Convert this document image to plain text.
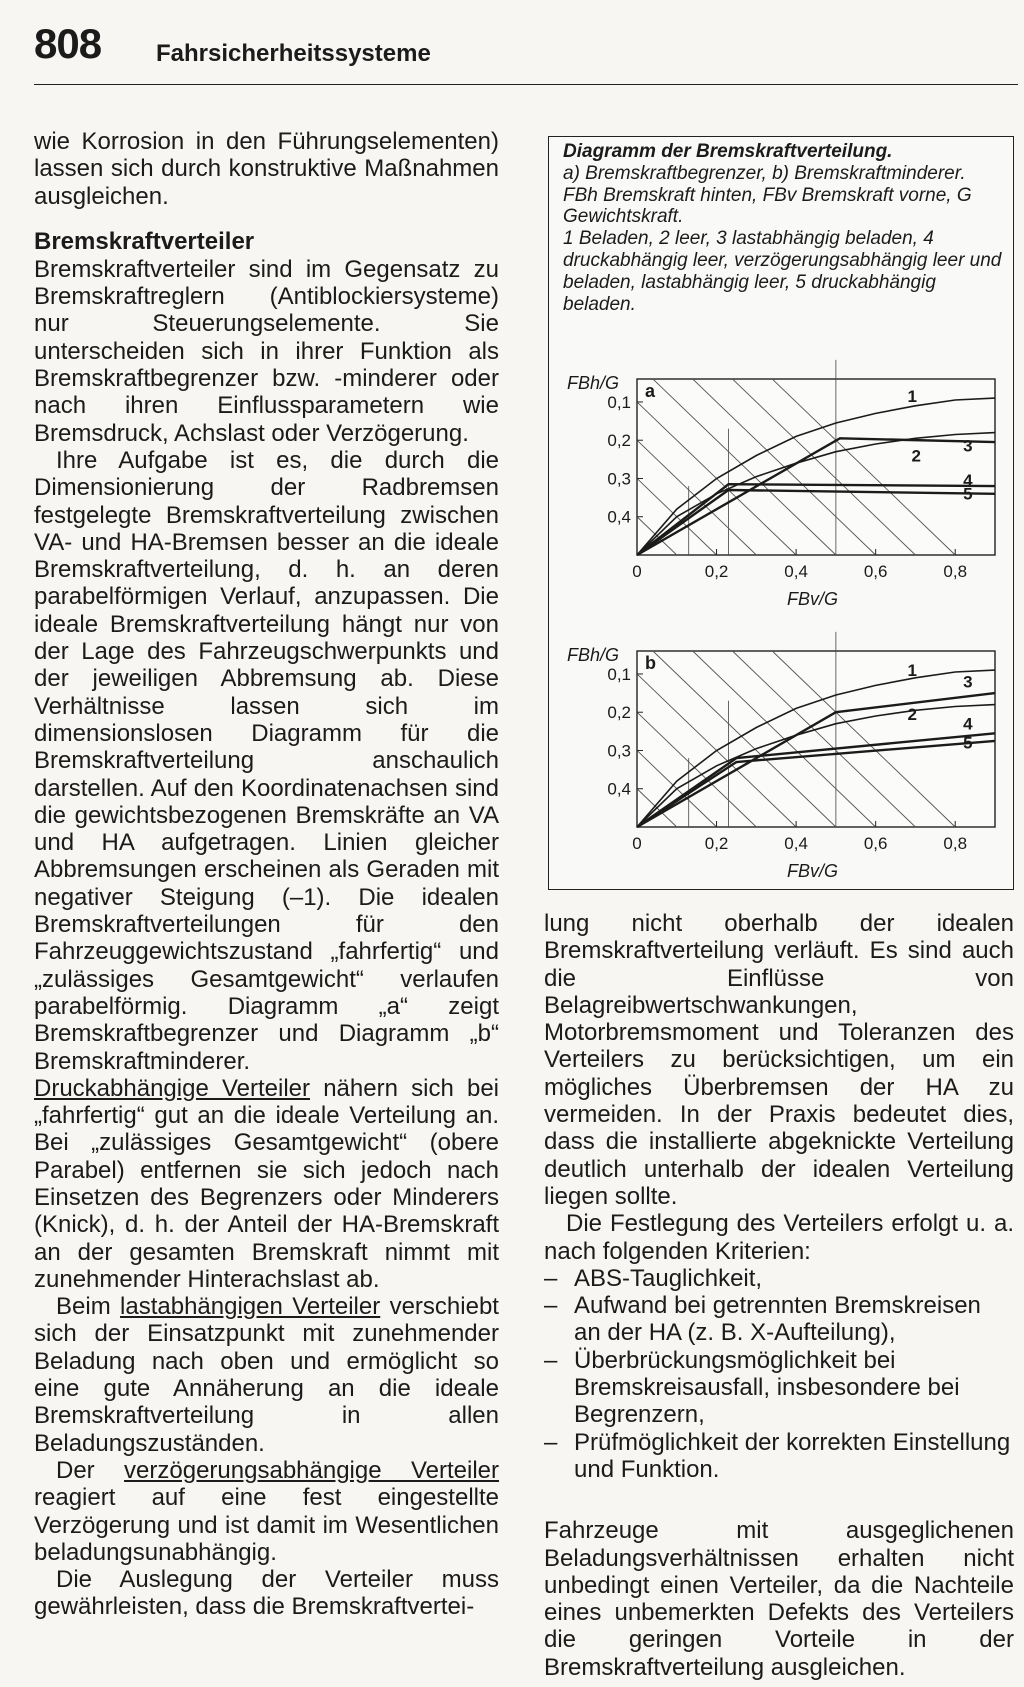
808 Fahrsicherheitssysteme

wie Korrosion in den Führungselementen) lassen sich durch konstruktive Maßnahmen ausgleichen.

Bremskraftverteiler

Bremskraftverteiler sind im Gegensatz zu Bremskraftreglern (Antiblockiersysteme) nur Steuerungselemente. Sie unterscheiden sich in ihrer Funktion als Bremskraftbegrenzer bzw. -minderer oder nach ihren Einflussparametern wie Bremsdruck, Achslast oder Verzögerung.

Ihre Aufgabe ist es, die durch die Dimensionierung der Radbremsen festgelegte Bremskraftverteilung zwischen VA- und HA-Bremsen besser an die ideale Bremskraftverteilung, d. h. an deren parabelförmigen Verlauf, anzupassen. Die ideale Bremskraftverteilung hängt nur von der Lage des Fahrzeugschwerpunkts und der jeweiligen Abbremsung ab. Diese Verhältnisse lassen sich im dimensionslosen Diagramm für die Bremskraftverteilung anschaulich darstellen. Auf den Koordinatenachsen sind die gewichtsbezogenen Bremskräfte an VA und HA aufgetragen. Linien gleicher Abbremsungen erscheinen als Geraden mit negativer Steigung (–1). Die idealen Bremskraftverteilungen für den Fahrzeuggewichtszustand „fahrfertig“ und „zulässiges Gesamtgewicht“ verlaufen parabelförmig. Diagramm „a“ zeigt Bremskraftbegrenzer und Diagramm „b“ Bremskraftminderer.

Druckabhängige Verteiler nähern sich bei „fahrfertig“ gut an die ideale Verteilung an. Bei „zulässiges Gesamtgewicht“ (obere Parabel) entfernen sie sich jedoch nach Einsetzen des Begrenzers oder Minderers (Knick), d. h. der Anteil der HA-Bremskraft an der gesamten Bremskraft nimmt mit zunehmender Hinterachslast ab.

Beim lastabhängigen Verteiler verschiebt sich der Einsatzpunkt mit zunehmender Beladung nach oben und ermöglicht so eine gute Annäherung an die ideale Bremskraftverteilung in allen Beladungszuständen.

Der verzögerungsabhängige Verteiler reagiert auf eine fest eingestellte Verzögerung und ist damit im Wesentlichen beladungsunabhängig.

Die Auslegung der Verteiler muss gewährleisten, dass die Bremskraftvertei-

Diagramm der Bremskraftverteilung.

a) Bremskraftbegrenzer, b) Bremskraftminderer.

FBh Bremskraft hinten, FBv Bremskraft vorne, G Gewichtskraft.

1 Beladen, 2 leer, 3 lastabhängig beladen, 4 druckabhängig leer, verzögerungsabhängig leer und beladen, lastabhängig leer, 5 druckabhängig beladen.

1
2
3
4
5
0,4
0,3
0,2
0,1
0	0,2	0,4	0,6	0,8
FBh/G
FBv/G
a
1
2
3
4
5
0,4
0,3
0,2
0,1
0	0,2	0,4	0,6	0,8
FBh/G
FBv/G
b

lung nicht oberhalb der idealen Bremskraftverteilung verläuft. Es sind auch die Einflüsse von Belagreibwertschwankungen, Motorbremsmoment und Toleranzen des Verteilers zu berücksichtigen, um ein mögliches Überbremsen der HA zu vermeiden. In der Praxis bedeutet dies, dass die installierte abgeknickte Verteilung deutlich unterhalb der idealen Verteilung liegen sollte.

Die Festlegung des Verteilers erfolgt u. a. nach folgenden Kriterien:

– ABS-Tauglichkeit,
– Aufwand bei getrennten Bremskreisen an der HA (z. B. X-Aufteilung),
– Überbrückungsmöglichkeit bei Bremskreisausfall, insbesondere bei Begrenzern,
– Prüfmöglichkeit der korrekten Einstellung und Funktion.

Fahrzeuge mit ausgeglichenen Beladungsverhältnissen erhalten nicht unbedingt einen Verteiler, da die Nachteile eines unbemerkten Defekts des Verteilers die geringen Vorteile in der Bremskraftverteilung ausgleichen.
